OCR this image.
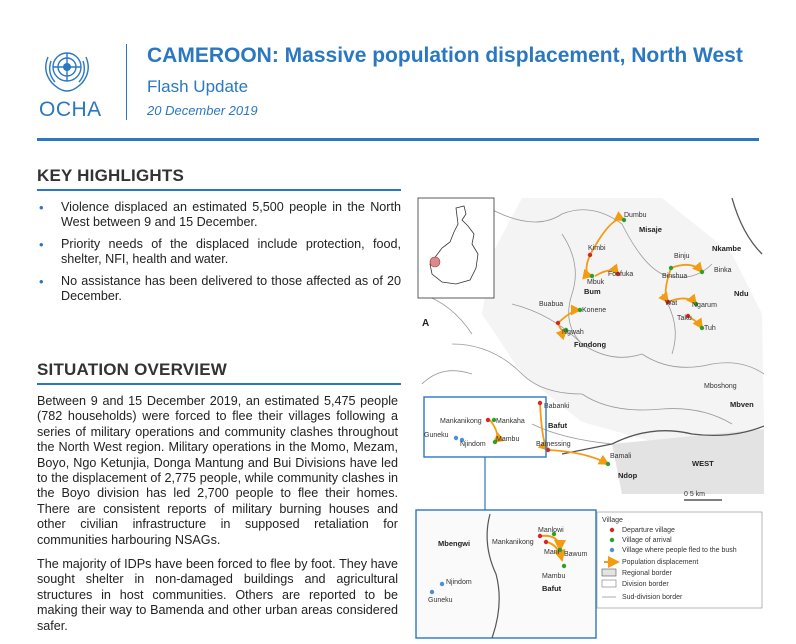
OCHA
CAMEROON: Massive population displacement, North West
Flash Update
20 December 2019
KEY HIGHLIGHTS
• Violence displaced an estimated 5,500 people in the North West between 9 and 15 December.
• Priority needs of the displaced include protection, food, shelter, NFI, health and water.
• No assistance has been delivered to those affected as of 20 December.
SITUATION OVERVIEW

Between 9 and 15 December 2019, an estimated 5,475 people (782 households) were forced to flee their villages following a series of military operations and community clashes throughout the North West region. Military operations in the Momo, Mezam, Boyo, Ngo Ketunjia, Donga Mantung and Bui Divisions have led to the displacement of 2,775 people, while community clashes in the Boyo division has led 2,700 people to flee their homes. There are consistent reports of military burning houses and other civilian infrastructure in supposed retaliation for communities harbouring NSAGs.

The majority of IDPs have been forced to flee by foot. They have sought shelter in non-damaged buildings and agricultural structures in host communities. Others are reported to be making their way to Bamenda and other urban areas considered safer.

A
Dumbu
Misaje
Kimbi
Mbuk
Fonfuka
Bum
Binju
Binka
Binshua
Nkambe
Ndu
Wat Ngarum
Taku
Tuh
Buabua
Konene
Ngwah
Fundong
Mboshong
Mbven
Babanki
Bafut
Bamessing
Bamali
Ndop
WEST
0 5 km
Mankanikong Mankaha
Mambu
Guneku
Njindom
Mbengwi
Manlowi
Mankanikong
Mani Bawum
Mambu
Bafut
Njindom
Guneku
Village
Departure village
Village of arrival
Village where people fled to the bush
Population displacement
Regional border
Division border
Sud-division border
